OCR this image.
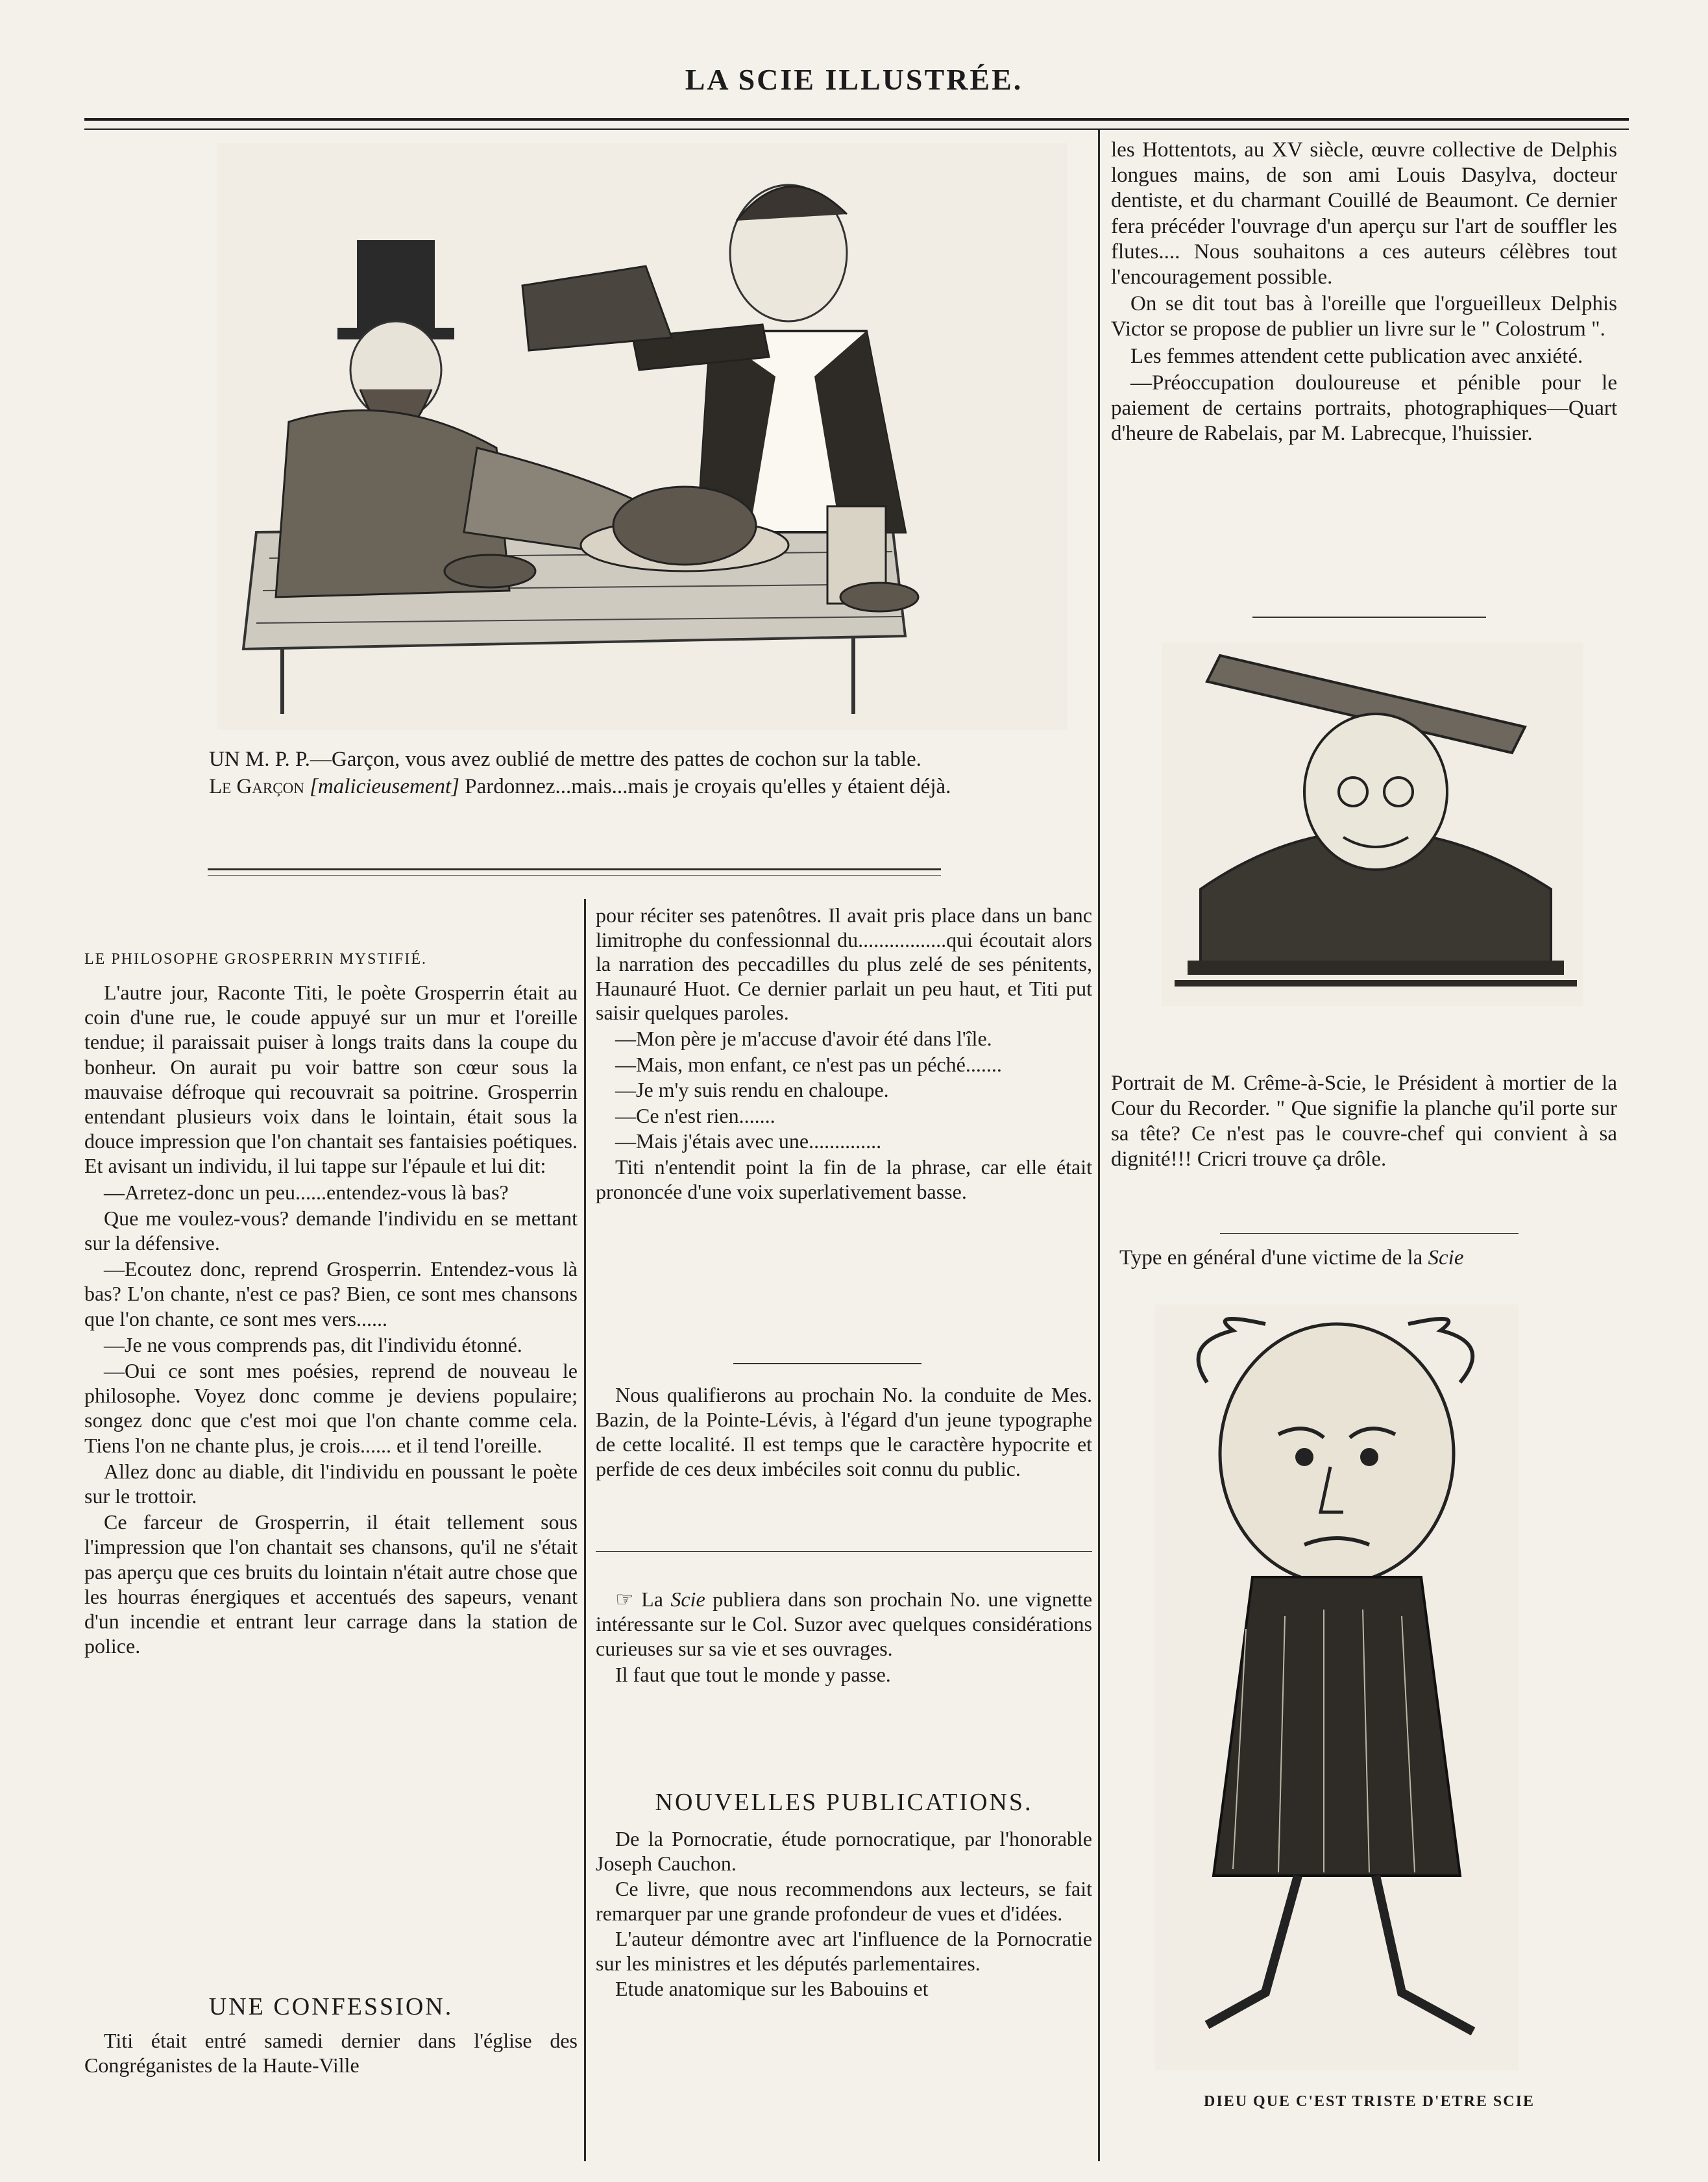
LA SCIE ILLUSTRÉE.

UN M. P. P.—Garçon, vous avez oublié de mettre des pattes de cochon sur la table.

Le Garçon [malicieusement] Pardonnez...mais...mais je croyais qu'elles y étaient déjà.

LE PHILOSOPHE GROSPERRIN MYSTIFIÉ.

L'autre jour, Raconte Titi, le poète Grosperrin était au coin d'une rue, le coude appuyé sur un mur et l'oreille tendue; il paraissait puiser à longs traits dans la coupe du bonheur. On aurait pu voir battre son cœur sous la mauvaise défroque qui recouvrait sa poitrine. Grosperrin entendant plusieurs voix dans le lointain, était sous la douce impression que l'on chantait ses fantaisies poétiques. Et avisant un individu, il lui tappe sur l'épaule et lui dit:

—Arretez-donc un peu......entendez-vous là bas?

Que me voulez-vous? demande l'individu en se mettant sur la défensive.

—Ecoutez donc, reprend Grosperrin. Entendez-vous là bas? L'on chante, n'est ce pas? Bien, ce sont mes chansons que l'on chante, ce sont mes vers......

—Je ne vous comprends pas, dit l'individu étonné.

—Oui ce sont mes poésies, reprend de nouveau le philosophe. Voyez donc comme je deviens populaire; songez donc que c'est moi que l'on chante comme cela. Tiens l'on ne chante plus, je crois...... et il tend l'oreille.

Allez donc au diable, dit l'individu en poussant le poète sur le trottoir.

Ce farceur de Grosperrin, il était tellement sous l'impression que l'on chantait ses chansons, qu'il ne s'était pas aperçu que ces bruits du lointain n'était autre chose que les hourras énergiques et accentués des sapeurs, venant d'un incendie et entrant leur carrage dans la station de police.

UNE CONFESSION.

Titi était entré samedi dernier dans l'église des Congréganistes de la Haute-Ville

pour réciter ses patenôtres. Il avait pris place dans un banc limitrophe du confessionnal du.................qui écoutait alors la narration des peccadilles du plus zelé de ses pénitents, Haunauré Huot. Ce dernier parlait un peu haut, et Titi put saisir quelques paroles.

—Mon père je m'accuse d'avoir été dans l'île.

—Mais, mon enfant, ce n'est pas un péché.......

—Je m'y suis rendu en chaloupe.

—Ce n'est rien.......

—Mais j'étais avec une..............

Titi n'entendit point la fin de la phrase, car elle était prononcée d'une voix superlativement basse.

Nous qualifierons au prochain No. la conduite de Mes. Bazin, de la Pointe-Lévis, à l'égard d'un jeune typographe de cette localité. Il est temps que le caractère hypocrite et perfide de ces deux imbéciles soit connu du public.

☞ La Scie publiera dans son prochain No. une vignette intéressante sur le Col. Suzor avec quelques considérations curieuses sur sa vie et ses ouvrages.

Il faut que tout le monde y passe.

NOUVELLES PUBLICATIONS.

De la Pornocratie, étude pornocratique, par l'honorable Joseph Cauchon.

Ce livre, que nous recommendons aux lecteurs, se fait remarquer par une grande profondeur de vues et d'idées.

L'auteur démontre avec art l'influence de la Pornocratie sur les ministres et les députés parlementaires.

Etude anatomique sur les Babouins et

les Hottentots, au XV siècle, œuvre collective de Delphis longues mains, de son ami Louis Dasylva, docteur dentiste, et du charmant Couillé de Beaumont. Ce dernier fera précéder l'ouvrage d'un aperçu sur l'art de souffler les flutes.... Nous souhaitons a ces auteurs célèbres tout l'encouragement possible.

On se dit tout bas à l'oreille que l'orgueilleux Delphis Victor se propose de publier un livre sur le " Colostrum ".

Les femmes attendent cette publication avec anxiété.

—Préoccupation douloureuse et pénible pour le paiement de certains portraits, photographiques—Quart d'heure de Rabelais, par M. Labrecque, l'huissier.

Portrait de M. Crême-à-Scie, le Président à mortier de la Cour du Recorder. " Que signifie la planche qu'il porte sur sa tête? Ce n'est pas le couvre-chef qui convient à sa dignité!!! Cricri trouve ça drôle.

Type en général d'une victime de la Scie
DIEU QUE C'EST TRISTE D'ETRE SCIE
